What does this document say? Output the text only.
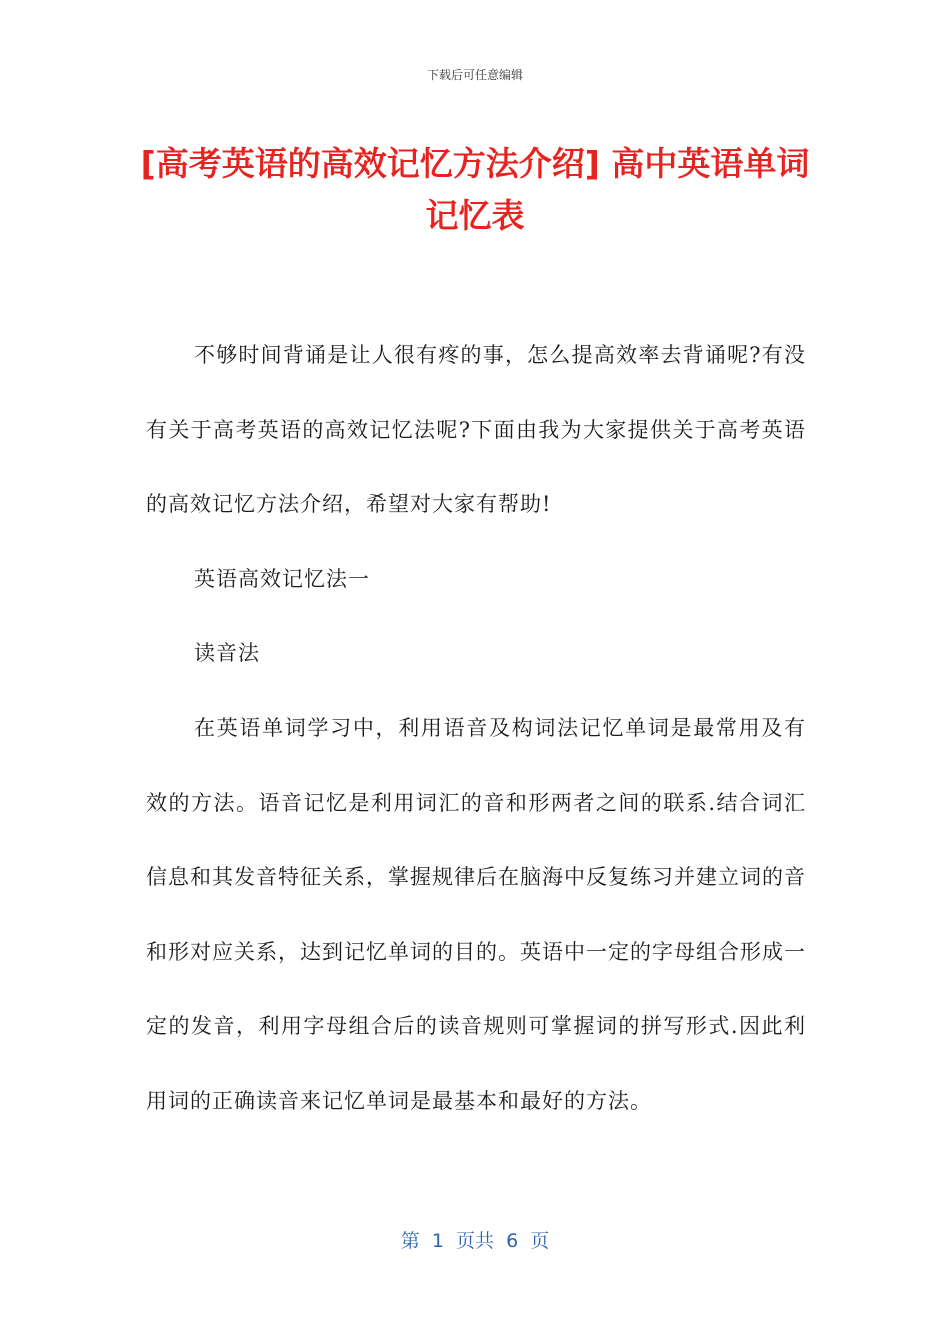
下载后可任意编辑
[高考英语的高效记忆方法介绍] 高中英语单词记忆表

不够时间背诵是让人很有疼的事，怎么提高效率去背诵呢?有没有关于高考英语的高效记忆法呢?下面由我为大家提供关于高考英语的高效记忆方法介绍，希望对大家有帮助!

英语高效记忆法一

读音法

在英语单词学习中，利用语音及构词法记忆单词是最常用及有效的方法。语音记忆是利用词汇的音和形两者之间的联系.结合词汇信息和其发音特征关系，掌握规律后在脑海中反复练习并建立词的音和形对应关系，达到记忆单词的目的。英语中一定的字母组合形成一定的发音，利用字母组合后的读音规则可掌握词的拼写形式.因此利用词的正确读音来记忆单词是最基本和最好的方法。

第  1  页共  6  页
